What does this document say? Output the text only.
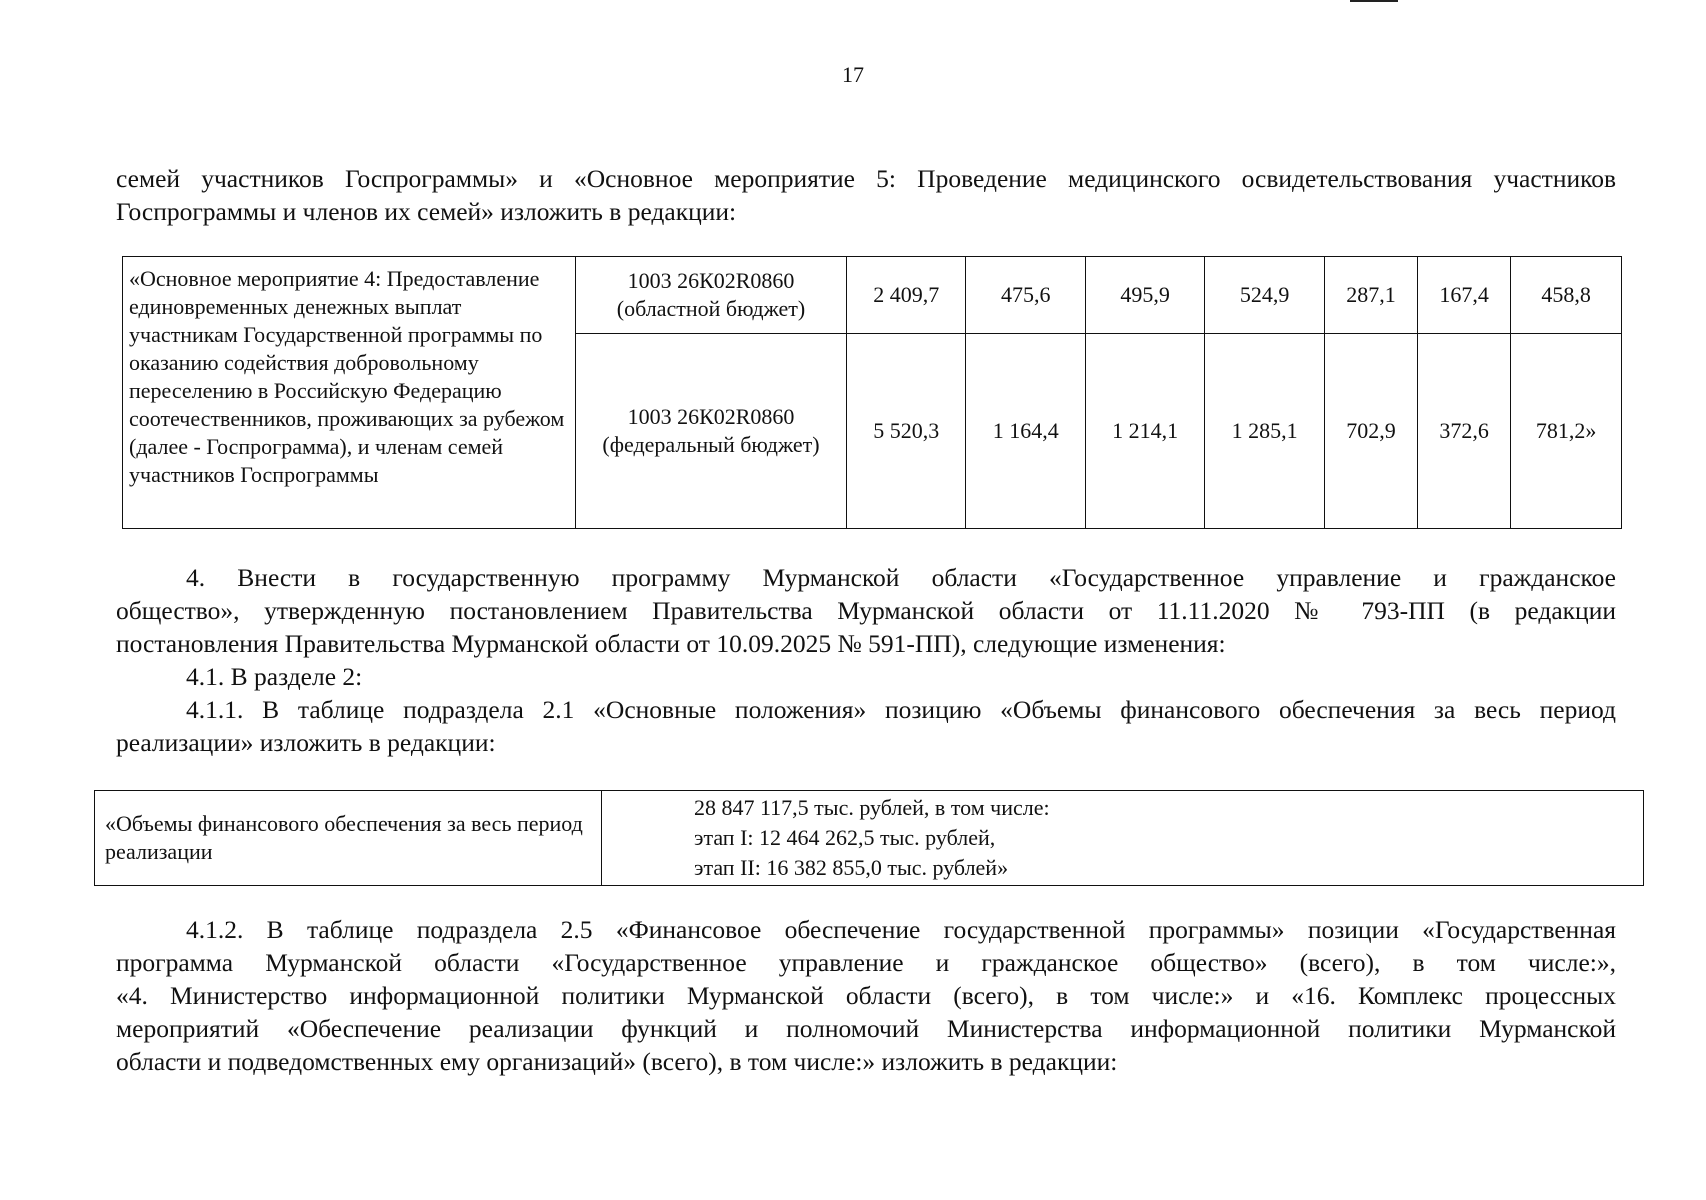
17
семей участников Госпрограммы» и «Основное мероприятие 5: Проведение медицинского освидетельствования участников
Госпрограммы и членов их семей» изложить в редакции:
«Основное мероприятие 4: Предоставление единовременных денежных выплат участникам Государственной программы по оказанию содействия добровольному переселению в Российскую Федерацию соотечественников, проживающих за рубежом (далее - Госпрограмма), и членам семей участников Госпрограммы	1003 26К02R0860
(областной бюджет)	2 409,7	475,6	495,9	524,9	287,1	167,4	458,8

	1003 26К02R0860
(федеральный бюджет)	5 520,3	1 164,4	1 214,1	1 285,1	702,9	372,6	781,2»
4. Внести в государственную программу Мурманской области «Государственное управление и гражданское
общество», утвержденную постановлением Правительства Мурманской области от 11.11.2020 № 793-ПП (в редакции
постановления Правительства Мурманской области от 10.09.2025 № 591-ПП), следующие изменения:
4.1. В разделе 2:
4.1.1. В таблице подраздела 2.1 «Основные положения» позицию «Объемы финансового обеспечения за весь период
реализации» изложить в редакции:
«Объемы финансового обеспечения за весь период реализации	
28 847 117,5 тыс. рублей, в том числе:
этап I: 12 464 262,5 тыс. рублей,
этап II: 16 382 855,0 тыс. рублей»
4.1.2. В таблице подраздела 2.5 «Финансовое обеспечение государственной программы» позиции «Государственная
программа Мурманской области «Государственное управление и гражданское общество» (всего), в том числе:»,
«4. Министерство информационной политики Мурманской области (всего), в том числе:» и «16. Комплекс процессных
мероприятий «Обеспечение реализации функций и полномочий Министерства информационной политики Мурманской
области и подведомственных ему организаций» (всего), в том числе:» изложить в редакции:
